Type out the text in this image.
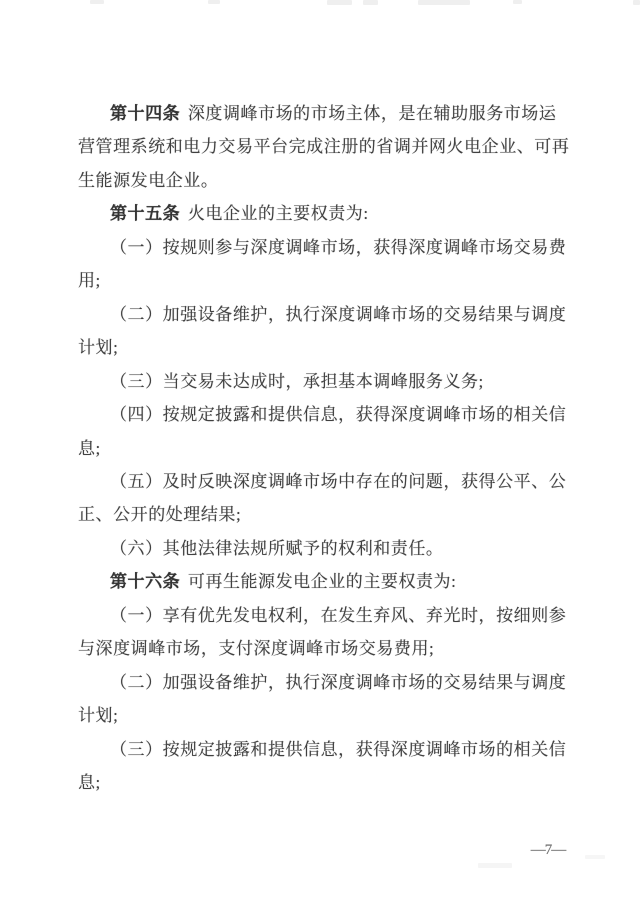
第十四条 深度调峰市场的市场主体，是在辅助服务市场运
营管理系统和电力交易平台完成注册的省调并网火电企业、可再
生能源发电企业。
第十五条 火电企业的主要权责为:
（一）按规则参与深度调峰市场，获得深度调峰市场交易费
用;
（二）加强设备维护，执行深度调峰市场的交易结果与调度
计划;
（三）当交易未达成时，承担基本调峰服务义务;
（四）按规定披露和提供信息，获得深度调峰市场的相关信
息;
（五）及时反映深度调峰市场中存在的问题，获得公平、公
正、公开的处理结果;
（六）其他法律法规所赋予的权利和责任。
第十六条 可再生能源发电企业的主要权责为:
（一）享有优先发电权利，在发生弃风、弃光时，按细则参
与深度调峰市场，支付深度调峰市场交易费用;
（二）加强设备维护，执行深度调峰市场的交易结果与调度
计划;
（三）按规定披露和提供信息，获得深度调峰市场的相关信
息;
—7—
